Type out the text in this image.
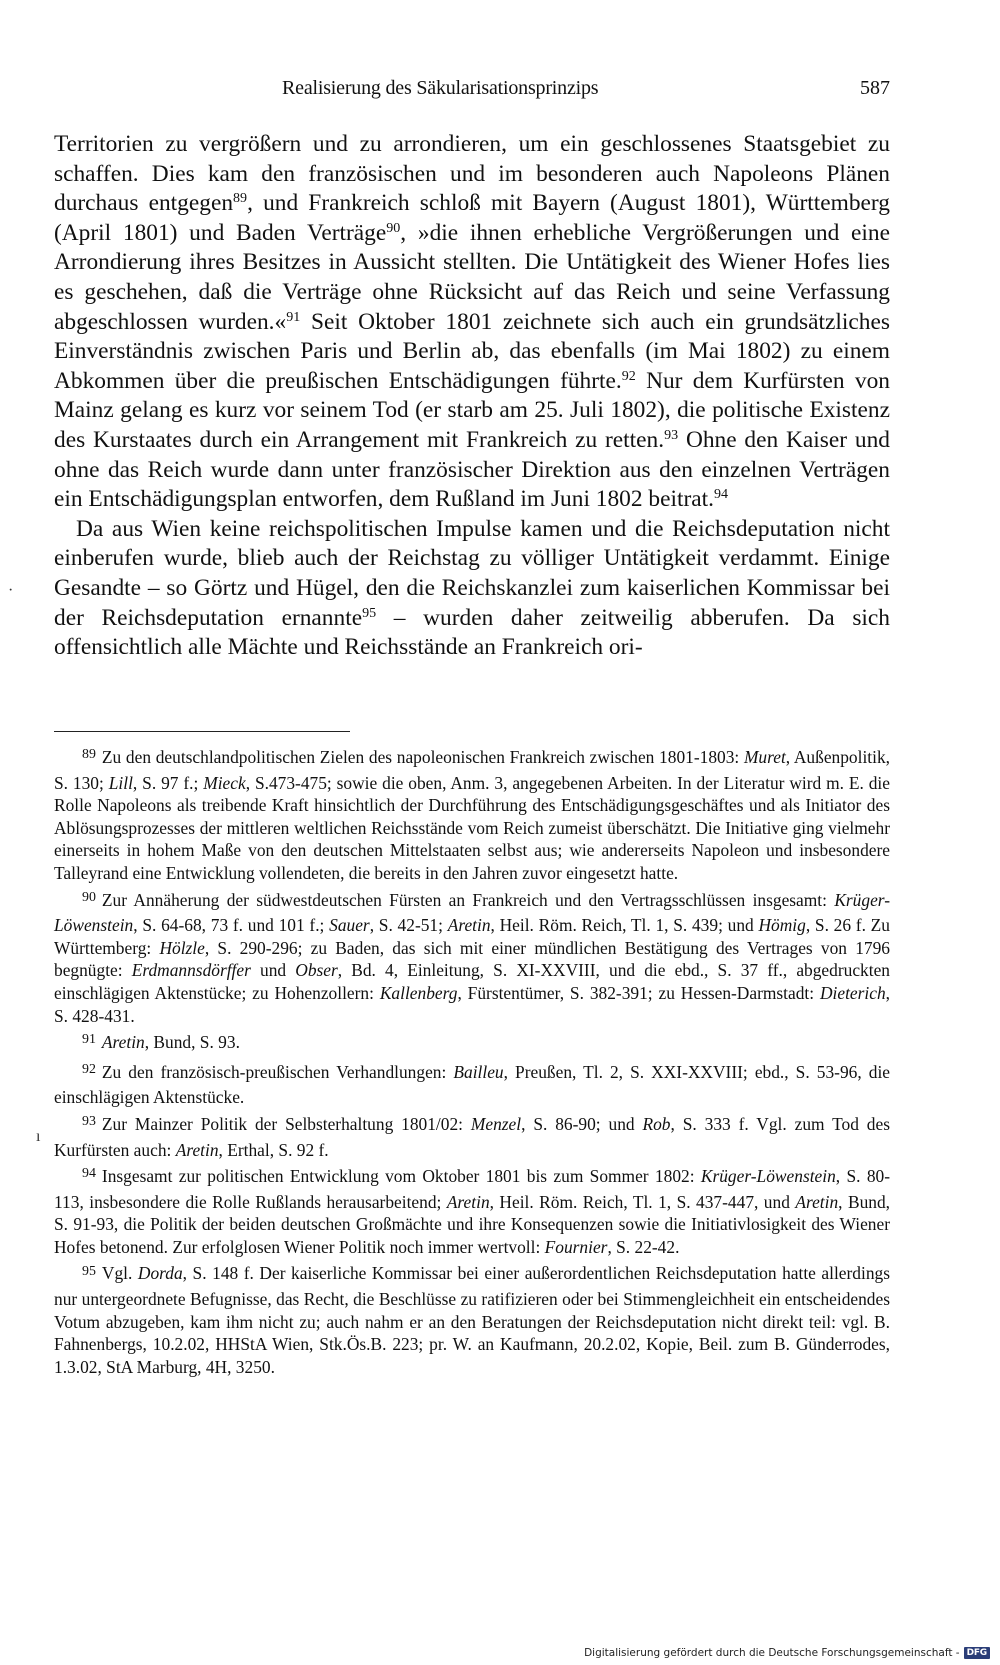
Realisierung des Säkularisationsprinzips	587

Territorien zu vergrößern und zu arrondieren, um ein geschlossenes Staatsgebiet zu schaffen. Dies kam den französischen und im besonderen auch Napoleons Plänen durchaus entgegen$^{89}$, und Frankreich schloß mit Bayern (August 1801), Württemberg (April 1801) und Baden Verträge$^{90}$, »die ihnen erhebliche Vergrößerungen und eine Arrondierung ihres Besitzes in Aussicht stellten. Die Untätigkeit des Wiener Hofes lies es geschehen, daß die Verträge ohne Rücksicht auf das Reich und seine Verfassung abgeschlossen wurden.«$^{91}$ Seit Oktober 1801 zeichnete sich auch ein grundsätzliches Einverständnis zwischen Paris und Berlin ab, das ebenfalls (im Mai 1802) zu einem Abkommen über die preußischen Entschädigungen führte.$^{92}$ Nur dem Kurfürsten von Mainz gelang es kurz vor seinem Tod (er starb am 25. Juli 1802), die politische Existenz des Kurstaates durch ein Arrangement mit Frankreich zu retten.$^{93}$ Ohne den Kaiser und ohne das Reich wurde dann unter französischer Direktion aus den einzelnen Verträgen ein Entschädigungsplan entworfen, dem Rußland im Juni 1802 beitrat.$^{94}$

Da aus Wien keine reichspolitischen Impulse kamen und die Reichsdeputation nicht einberufen wurde, blieb auch der Reichstag zu völliger Untätigkeit verdammt. Einige Gesandte – so Görtz und Hügel, den die Reichskanzlei zum kaiserlichen Kommissar bei der Reichsdeputation ernannte$^{95}$ – wurden daher zeitweilig abberufen. Da sich offensichtlich alle Mächte und Reichsstände an Frankreich ori-

$^{89}$ Zu den deutschlandpolitischen Zielen des napoleonischen Frankreich zwischen 1801-1803: Muret, Außenpolitik, S. 130; Lill, S. 97 f.; Mieck, S.473-475; sowie die oben, Anm. 3, angegebenen Arbeiten. In der Literatur wird m. E. die Rolle Napoleons als treibende Kraft hinsichtlich der Durchführung des Entschädigungsgeschäftes und als Initiator des Ablösungsprozesses der mittleren weltlichen Reichsstände vom Reich zumeist überschätzt. Die Initiative ging vielmehr einerseits in hohem Maße von den deutschen Mittelstaaten selbst aus; wie andererseits Napoleon und insbesondere Talleyrand eine Entwicklung vollendeten, die bereits in den Jahren zuvor eingesetzt hatte.

$^{90}$ Zur Annäherung der südwestdeutschen Fürsten an Frankreich und den Vertragsschlüssen insgesamt: Krüger-Löwenstein, S. 64-68, 73 f. und 101 f.; Sauer, S. 42-51; Aretin, Heil. Röm. Reich, Tl. 1, S. 439; und Hömig, S. 26 f. Zu Württemberg: Hölzle, S. 290-296; zu Baden, das sich mit einer mündlichen Bestätigung des Vertrages von 1796 begnügte: Erdmannsdörffer und Obser, Bd. 4, Einleitung, S. XI-XXVIII, und die ebd., S. 37 ff., abgedruckten einschlägigen Aktenstücke; zu Hohenzollern: Kallenberg, Fürstentümer, S. 382-391; zu Hessen-Darmstadt: Dieterich, S. 428-431.

$^{91}$ Aretin, Bund, S. 93.

$^{92}$ Zu den französisch-preußischen Verhandlungen: Bailleu, Preußen, Tl. 2, S. XXI-XXVIII; ebd., S. 53-96, die einschlägigen Aktenstücke.

$^{93}$ Zur Mainzer Politik der Selbsterhaltung 1801/02: Menzel, S. 86-90; und Rob, S. 333 f. Vgl. zum Tod des Kurfürsten auch: Aretin, Erthal, S. 92 f.

$^{94}$ Insgesamt zur politischen Entwicklung vom Oktober 1801 bis zum Sommer 1802: Krüger-Löwenstein, S. 80-113, insbesondere die Rolle Rußlands herausarbeitend; Aretin, Heil. Röm. Reich, Tl. 1, S. 437-447, und Aretin, Bund, S. 91-93, die Politik der beiden deutschen Großmächte und ihre Konsequenzen sowie die Initiativlosigkeit des Wiener Hofes betonend. Zur erfolglosen Wiener Politik noch immer wertvoll: Fournier, S. 22-42.

$^{95}$ Vgl. Dorda, S. 148 f. Der kaiserliche Kommissar bei einer außerordentlichen Reichsdeputation hatte allerdings nur untergeordnete Befugnisse, das Recht, die Beschlüsse zu ratifizieren oder bei Stimmengleichheit ein entscheidendes Votum abzugeben, kam ihm nicht zu; auch nahm er an den Beratungen der Reichsdeputation nicht direkt teil: vgl. B. Fahnenbergs, 10.2.02, HHStA Wien, Stk.Ös.B. 223; pr. W. an Kaufmann, 20.2.02, Kopie, Beil. zum B. Günderrodes, 1.3.02, StA Marburg, 4H, 3250.

·
ı
Digitalisierung gefördert durch die Deutsche Forschungsgemeinschaft - DFG
